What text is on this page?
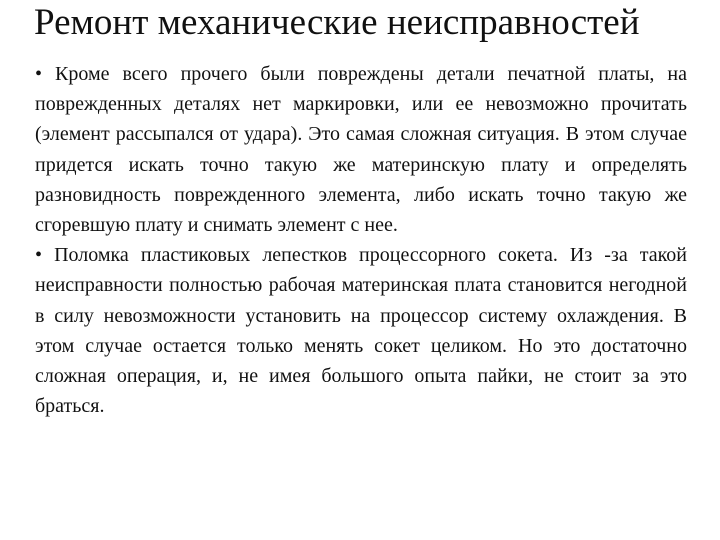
Ремонт механические неисправностей

• Кроме всего прочего были повреждены детали печатной платы, на поврежденных деталях нет маркировки, или ее невозможно прочитать (элемент рассыпался от удара). Это самая сложная ситуация. В этом случае придется искать точно такую же материнскую плату и определять разновидность поврежденного элемента, либо искать точно такую же сгоревшую плату и снимать элемент с нее.

• Поломка пластиковых лепестков процессорного сокета. Из -за такой неисправности полностью рабочая материнская плата становится негодной в силу невозможности установить на процессор систему охлаждения. В этом случае остается только менять сокет целиком. Но это достаточно сложная операция, и, не имея большого опыта пайки, не стоит за это браться.
